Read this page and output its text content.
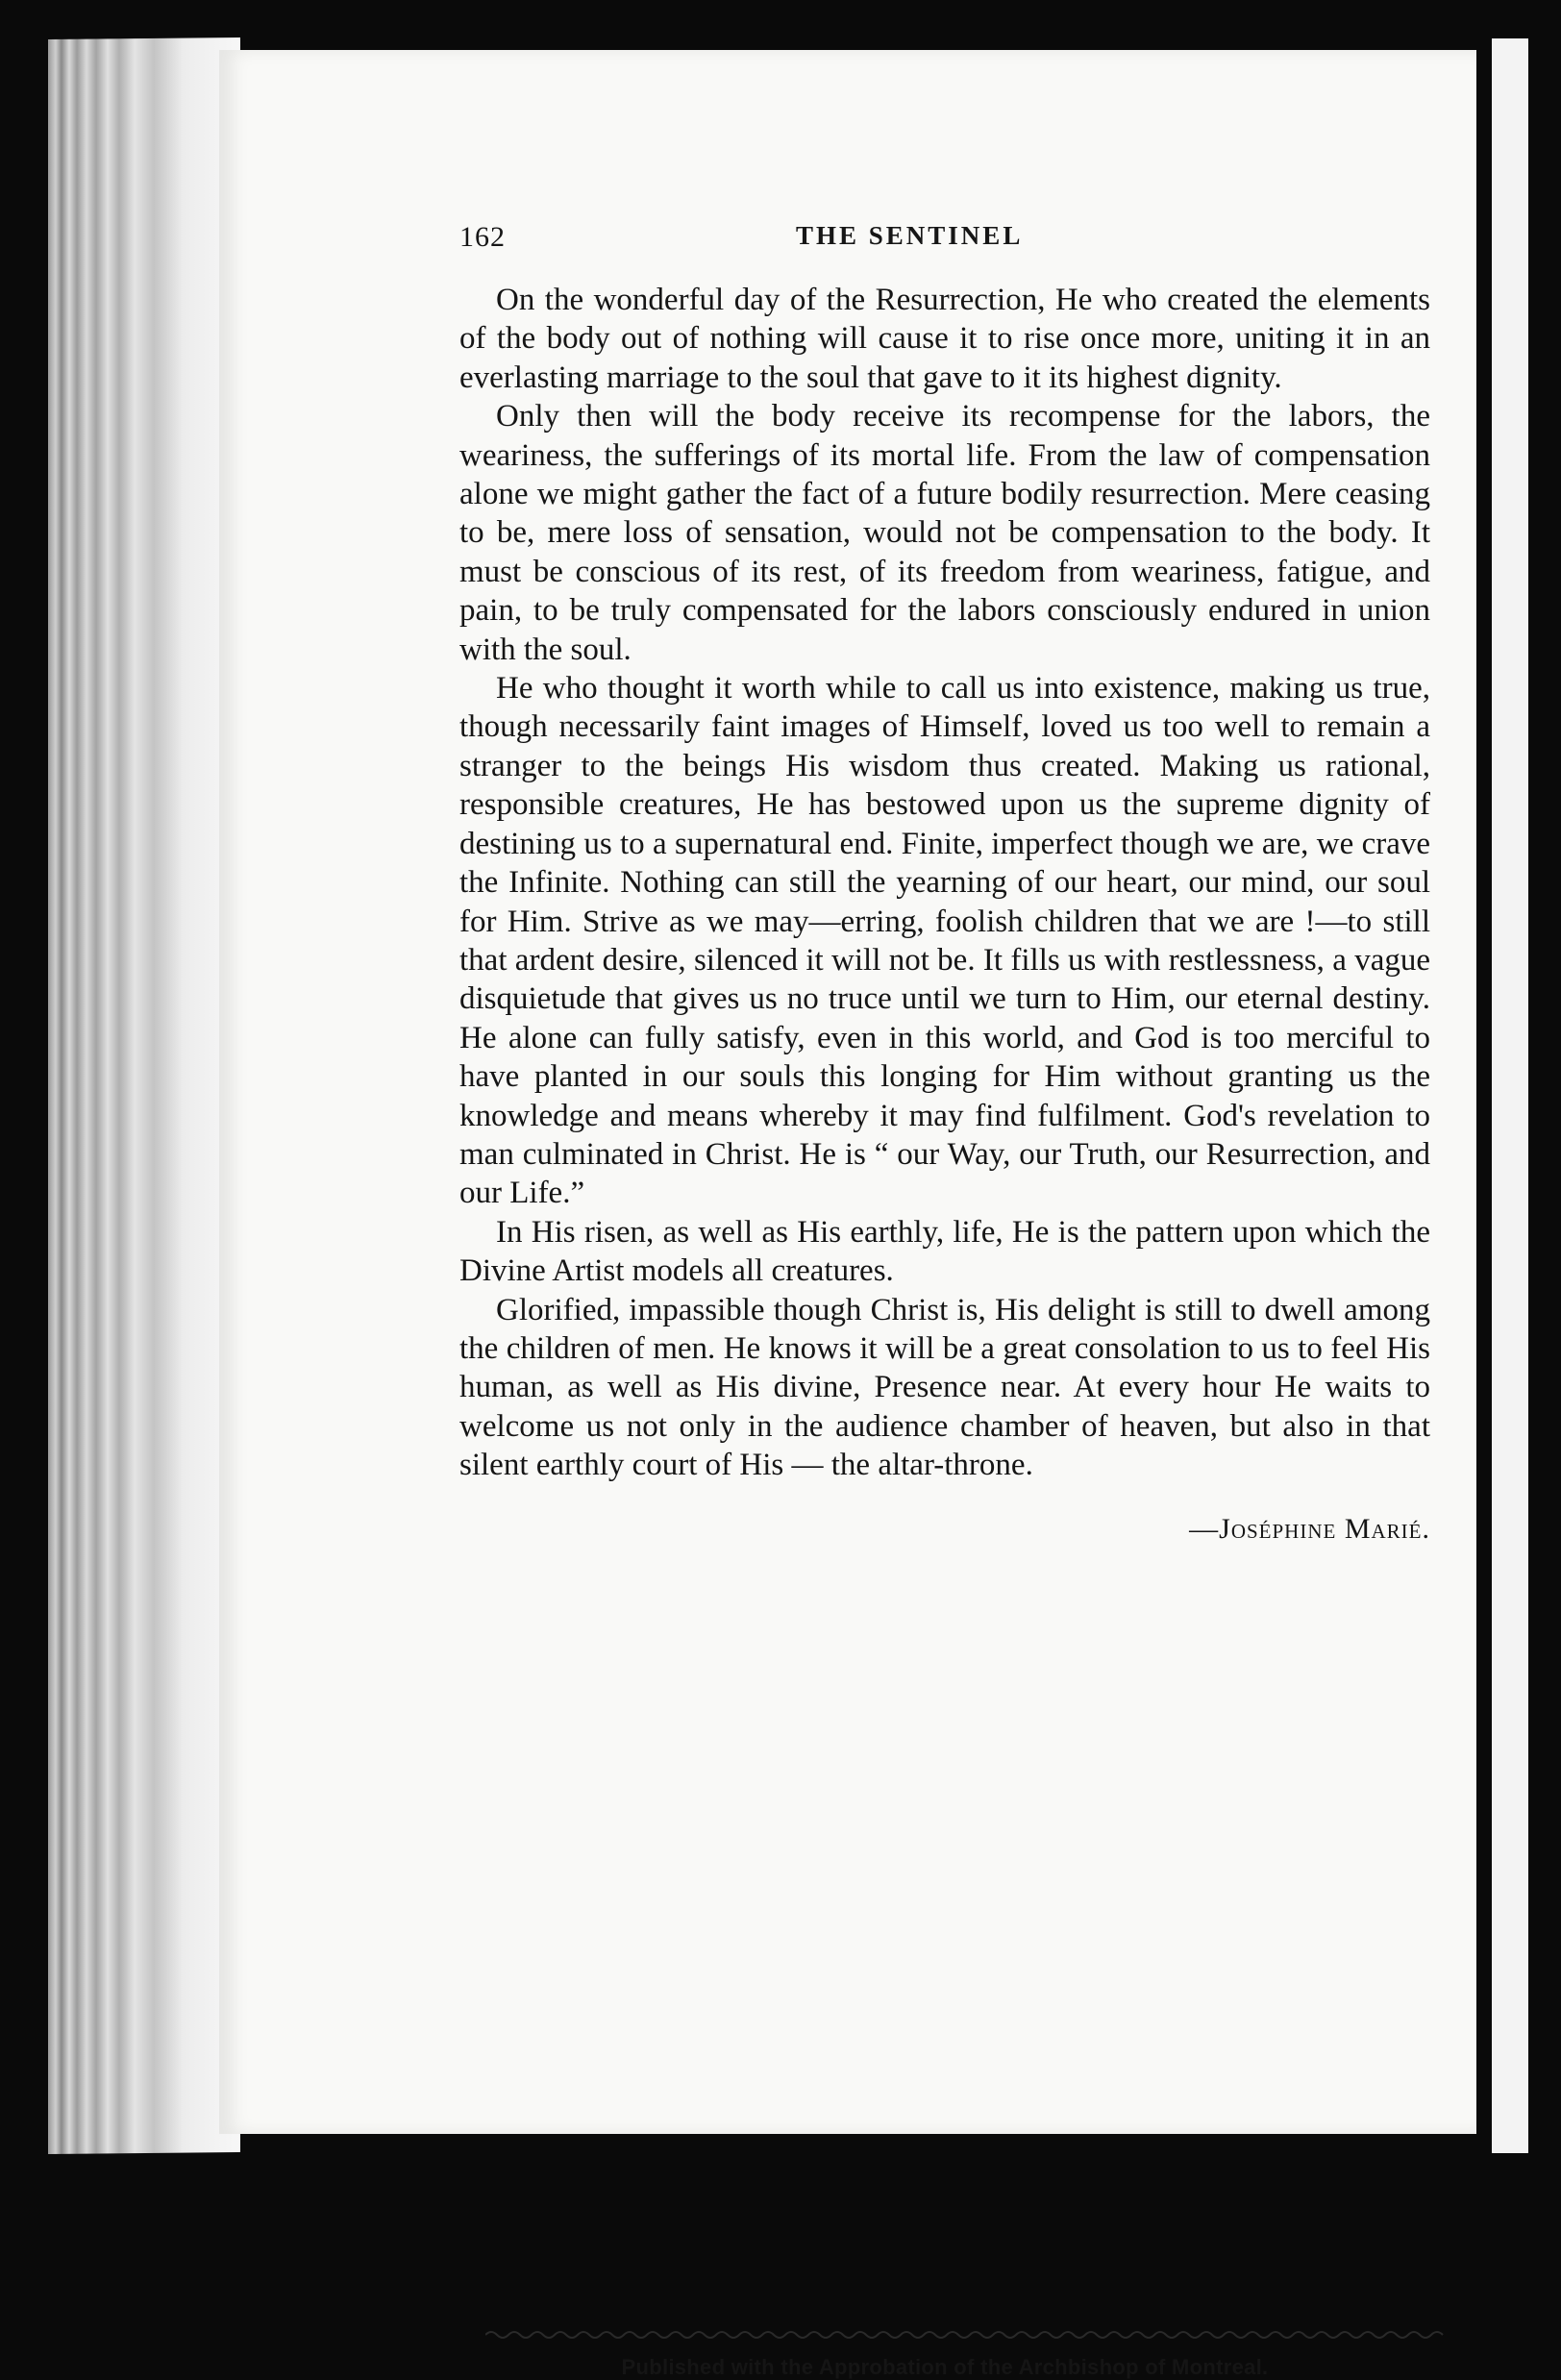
162	THE SENTINEL

On the wonderful day of the Resurrection, He who created the elements of the body out of nothing will cause it to rise once more, uniting it in an everlasting marriage to the soul that gave to it its highest dignity.

Only then will the body receive its recompense for the labors, the weariness, the sufferings of its mortal life. From the law of compensation alone we might gather the fact of a future bodily resurrection. Mere ceasing to be, mere loss of sensation, would not be compensation to the body. It must be conscious of its rest, of its freedom from weariness, fatigue, and pain, to be truly compensated for the labors consciously endured in union with the soul.

He who thought it worth while to call us into existence, making us true, though necessarily faint images of Himself, loved us too well to remain a stranger to the beings His wisdom thus created. Making us rational, responsible creatures, He has bestowed upon us the supreme dignity of destining us to a supernatural end. Finite, imperfect though we are, we crave the Infinite. Nothing can still the yearning of our heart, our mind, our soul for Him. Strive as we may—erring, foolish children that we are !—to still that ardent desire, silenced it will not be. It fills us with restlessness, a vague disquietude that gives us no truce until we turn to Him, our eternal destiny. He alone can fully satisfy, even in this world, and God is too merciful to have planted in our souls this longing for Him without granting us the knowledge and means whereby it may find fulfilment. God's revelation to man culminated in Christ. He is “ our Way, our Truth, our Resurrection, and our Life.”

In His risen, as well as His earthly, life, He is the pattern upon which the Divine Artist models all creatures.

Glorified, impassible though Christ is, His delight is still to dwell among the children of men. He knows it will be a great consolation to us to feel His human, as well as His divine, Presence near. At every hour He waits to welcome us not only in the audience chamber of heaven, but also in that silent earthly court of His — the altar-throne.

—Joséphine Marié.
Published with the Approbation of the Archbishop of Montreal.
